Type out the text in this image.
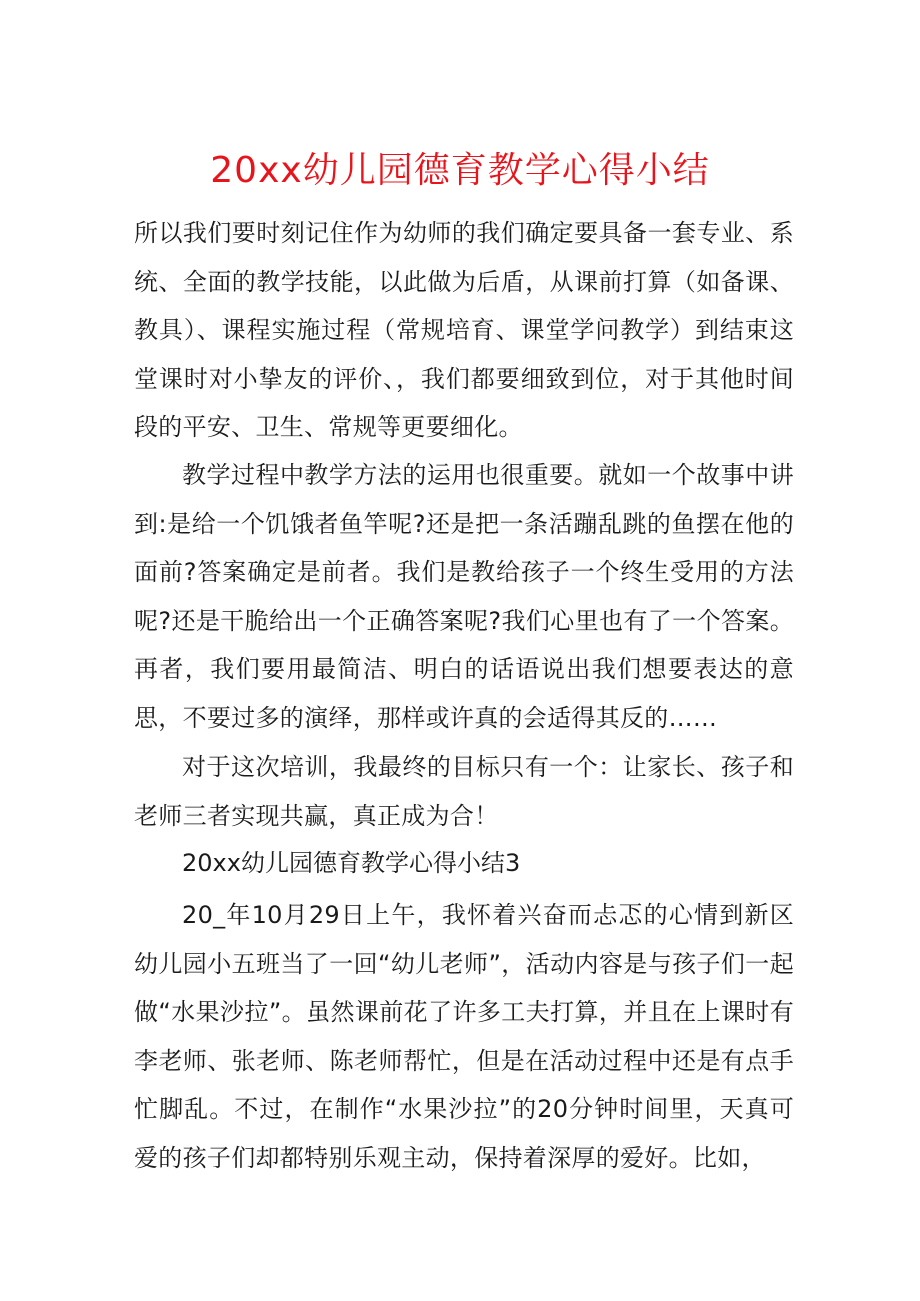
20xx幼儿园德育教学心得小结

所以我们要时刻记住作为幼师的我们确定要具备一套专业、系统、全面的教学技能，以此做为后盾，从课前打算（如备课、教具）、课程实施过程（常规培育、课堂学问教学）到结束这堂课时对小挚友的评价、，我们都要细致到位，对于其他时间段的平安、卫生、常规等更要细化。

教学过程中教学方法的运用也很重要。就如一个故事中讲到:是给一个饥饿者鱼竿呢?还是把一条活蹦乱跳的鱼摆在他的面前?答案确定是前者。我们是教给孩子一个终生受用的方法呢?还是干脆给出一个正确答案呢?我们心里也有了一个答案。再者，我们要用最简洁、明白的话语说出我们想要表达的意思，不要过多的演绎，那样或许真的会适得其反的……

对于这次培训，我最终的目标只有一个：让家长、孩子和老师三者实现共赢，真正成为合！

20xx幼儿园德育教学心得小结3

20_年10月29日上午，我怀着兴奋而忐忑的心情到新区幼儿园小五班当了一回“幼儿老师”，活动内容是与孩子们一起做“水果沙拉”。虽然课前花了许多工夫打算，并且在上课时有李老师、张老师、陈老师帮忙，但是在活动过程中还是有点手忙脚乱。不过，在制作“水果沙拉”的20分钟时间里，天真可爱的孩子们却都特别乐观主动，保持着深厚的爱好。比如，
